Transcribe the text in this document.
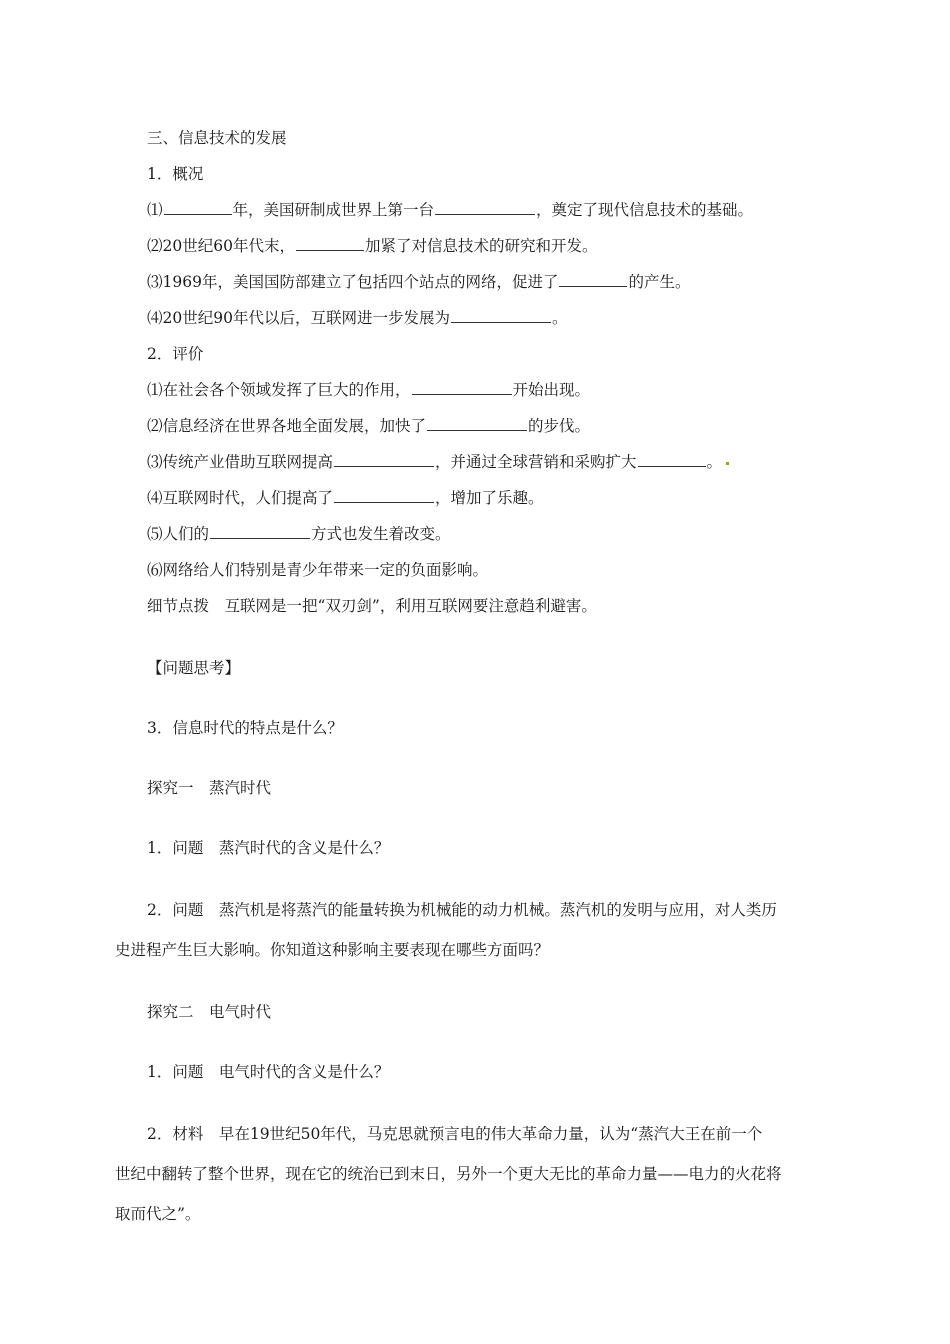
三、信息技术的发展
1．概况
⑴	年，美国研制成世界上第一台	，奠定了现代信息技术的基础。
⑵20世纪60年代末，	加紧了对信息技术的研究和开发。
⑶1969年，美国国防部建立了包括四个站点的网络，促进了	的产生。
⑷20世纪90年代以后，互联网进一步发展为	。
2．评价
⑴在社会各个领域发挥了巨大的作用，	开始出现。
⑵信息经济在世界各地全面发展，加快了	的步伐。
⑶传统产业借助互联网提高	，并通过全球营销和采购扩大	。
⑷互联网时代，人们提高了	，增加了乐趣。
⑸人们的	方式也发生着改变。
⑹网络给人们特别是青少年带来一定的负面影响。
细节点拨　互联网是一把“双刃剑”，利用互联网要注意趋利避害。
【问题思考】
3．信息时代的特点是什么？
探究一　蒸汽时代
1．问题　蒸汽时代的含义是什么？
2．问题　蒸汽机是将蒸汽的能量转换为机械能的动力机械。蒸汽机的发明与应用，对人类历
史进程产生巨大影响。你知道这种影响主要表现在哪些方面吗？
探究二　电气时代
1．问题　电气时代的含义是什么？
2．材料　早在19世纪50年代，马克思就预言电的伟大革命力量，认为“蒸汽大王在前一个
世纪中翻转了整个世界，现在它的统治已到末日，另外一个更大无比的革命力量——电力的火花将
取而代之”。
